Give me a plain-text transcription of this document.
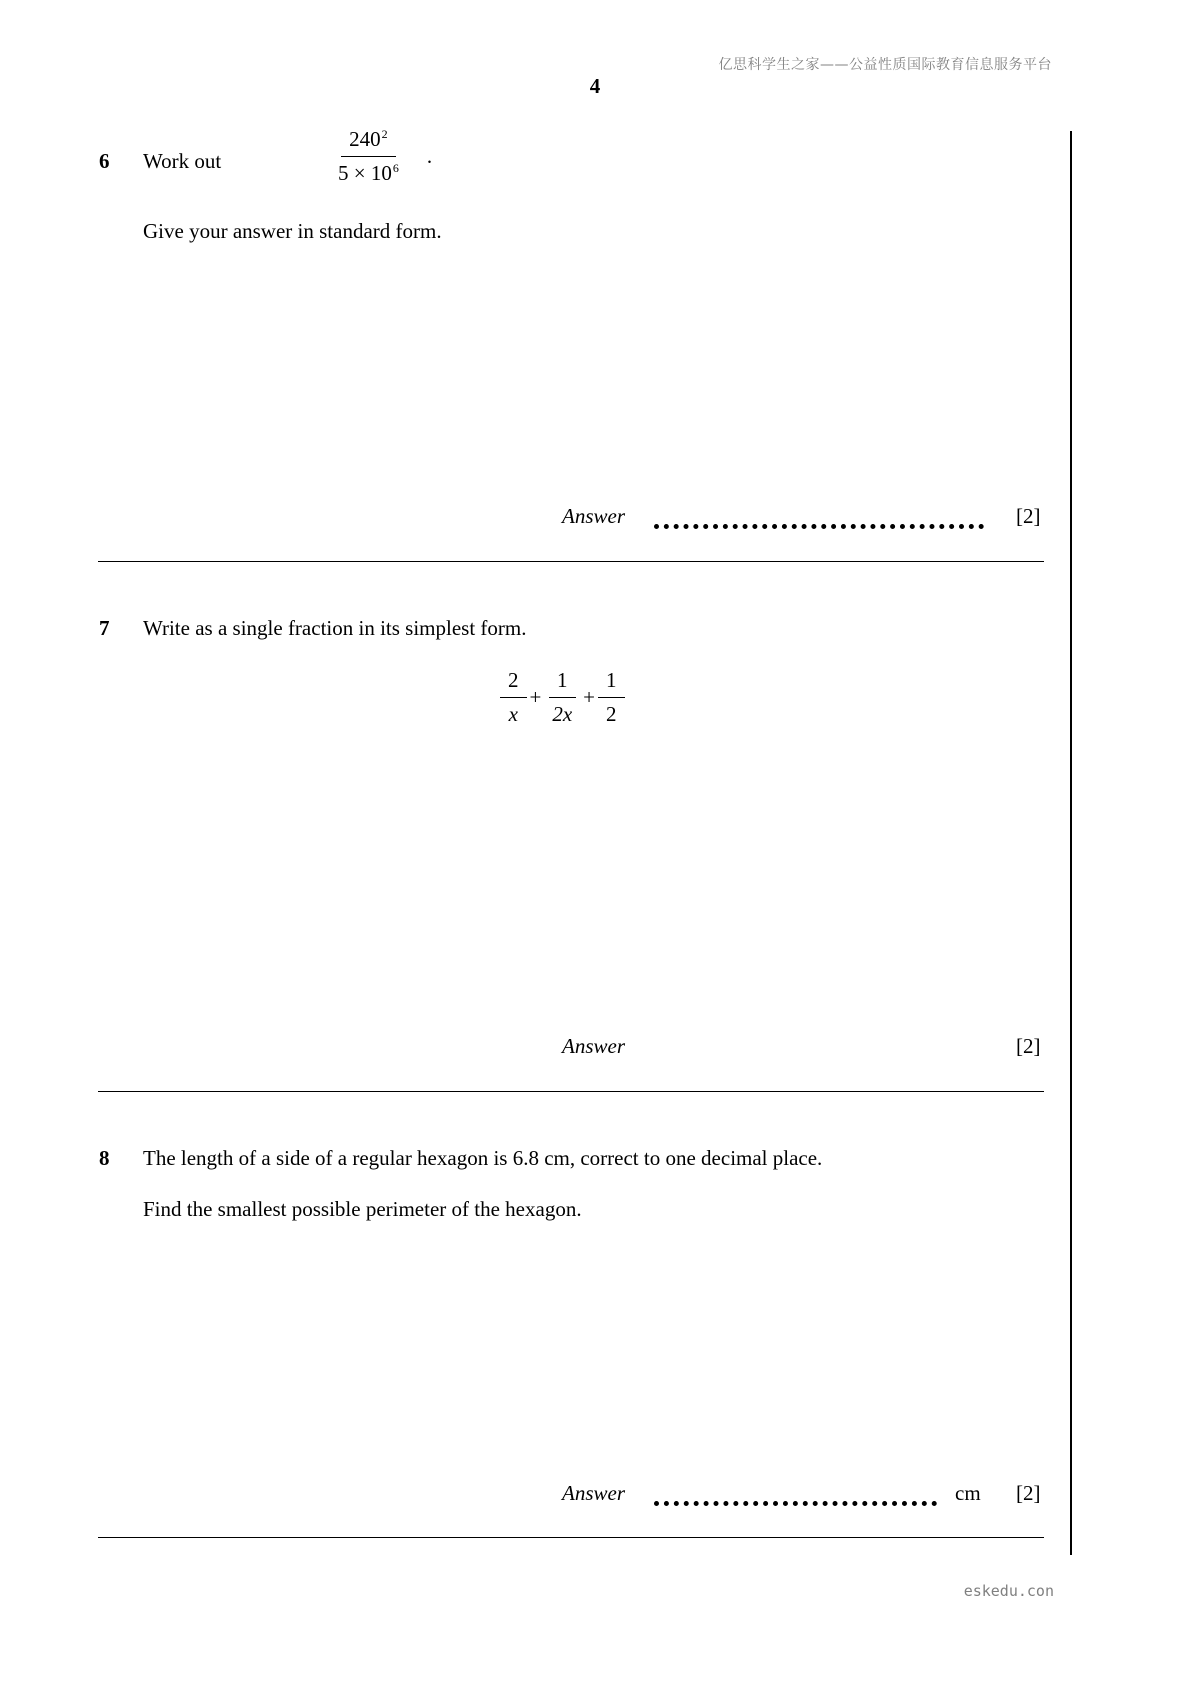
亿思科学生之家——公益性质国际教育信息服务平台
4
6 Work out	$\frac{240^2}{5 \times 10^6}$ .
Give your answer in standard form.
Answer	[2]
7 Write as a single fraction in its simplest form.
$\frac{2}{x} + \frac{1}{2x} + \frac{1}{2}$
Answer	[2]
8 The length of a side of a regular hexagon is 6.8 cm, correct to one decimal place.
Find the smallest possible perimeter of the hexagon.
Answer	cm [2]
eskedu.con
